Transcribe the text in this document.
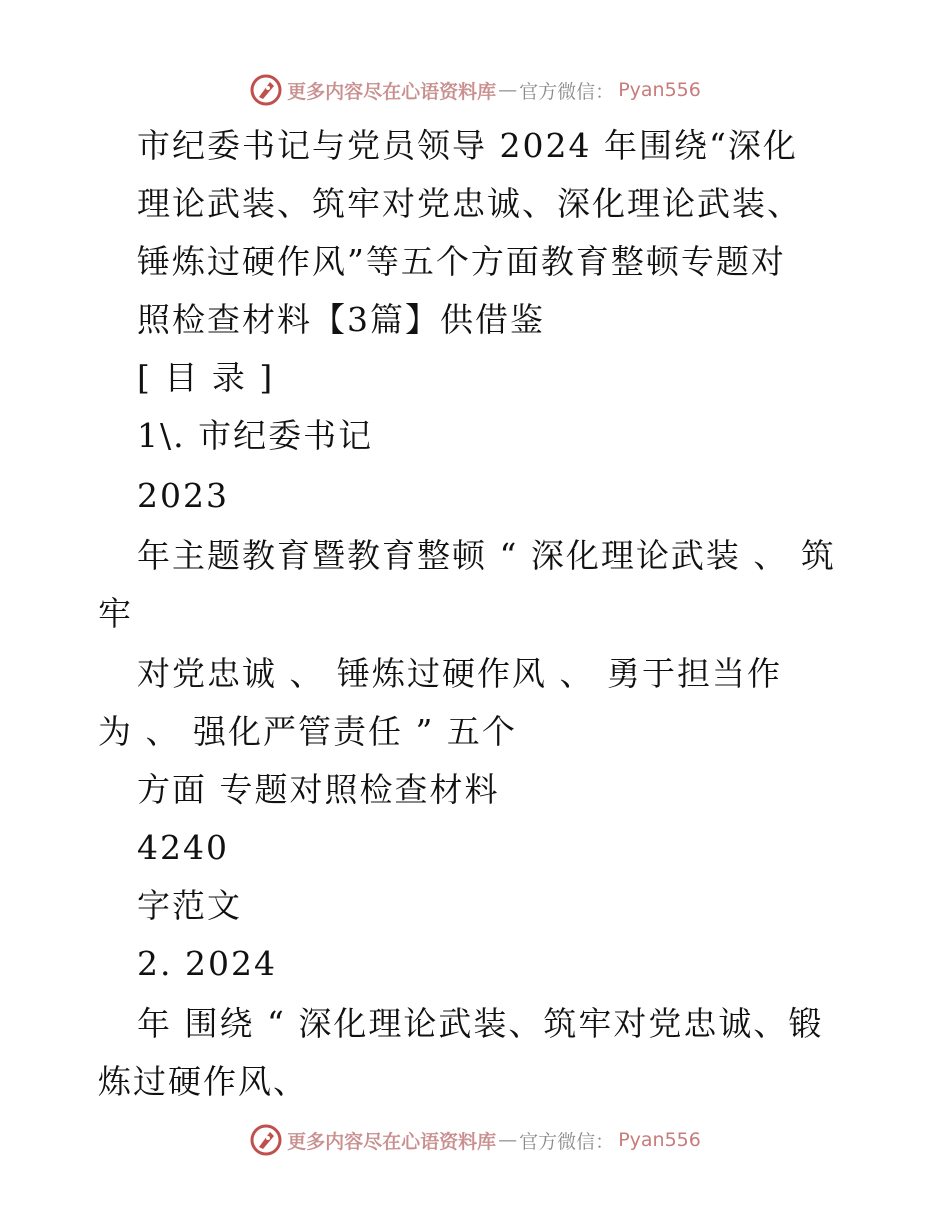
更多内容尽在心语资料库 — 官方微信： Pyan556
市纪委书记与党员领导 2024 年围绕“深化
理论武装、筑牢对党忠诚、深化理论武装、
锤炼过硬作风”等五个方面教育整顿专题对
照检查材料【3篇】供借鉴
[ 目 录 ]
1\. 市纪委书记
2023
年主题教育暨教育整顿 “ 深化理论武装 、 筑
牢
对党忠诚 、 锤炼过硬作风 、 勇于担当作
为 、 强化严管责任 ” 五个
方面 专题对照检查材料
4240
字范文
2. 2024
年 围绕 “ 深化理论武装、筑牢对党忠诚、锻
炼过硬作风、
更多内容尽在心语资料库 — 官方微信： Pyan556
